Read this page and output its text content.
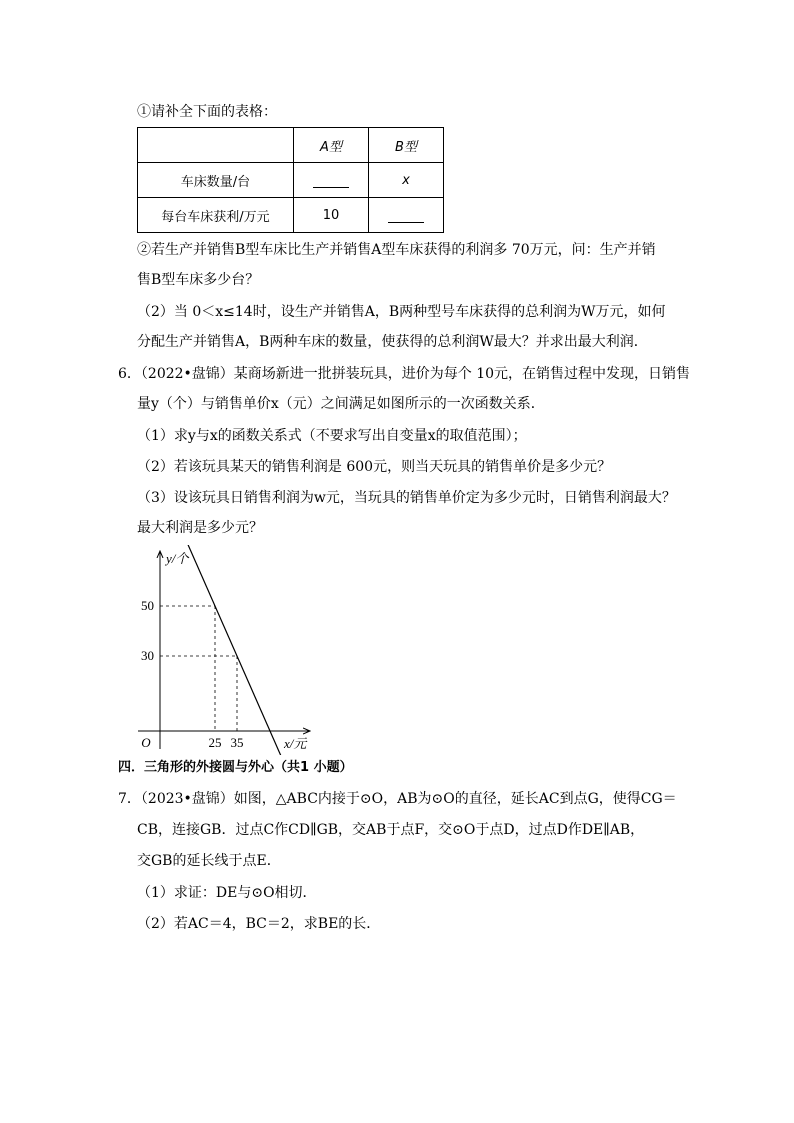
①请补全下面的表格：
	A型	B型
车床数量/台		x
每台车床获利/万元	10	
②若生产并销售B型车床比生产并销售A型车床获得的利润多 70万元，问：生产并销
售B型车床多少台？
（2）当 0＜x≤14时，设生产并销售A，B两种型号车床获得的总利润为W万元，如何
分配生产并销售A，B两种车床的数量，使获得的总利润W最大？并求出最大利润．
6．（2022•盘锦）某商场新进一批拼装玩具，进价为每个 10元，在销售过程中发现，日销售
量y（个）与销售单价x（元）之间满足如图所示的一次函数关系．
（1）求y与x的函数关系式（不要求写出自变量x的取值范围）；
（2）若该玩具某天的销售利润是 600元，则当天玩具的销售单价是多少元？
（3）设该玩具日销售利润为w元，当玩具的销售单价定为多少元时，日销售利润最大？
最大利润是多少元？
50
30
25 35
O
y/个
x/元
四．三角形的外接圆与外心（共1 小题）
7．（2023•盘锦）如图，△ABC内接于⊙O，AB为⊙O的直径，延长AC到点G，使得CG＝
CB，连接GB．过点C作CD∥GB，交AB于点F，交⊙O于点D，过点D作DE∥AB，
交GB的延长线于点E．
（1）求证：DE与⊙O相切．
（2）若AC＝4，BC＝2，求BE的长．
